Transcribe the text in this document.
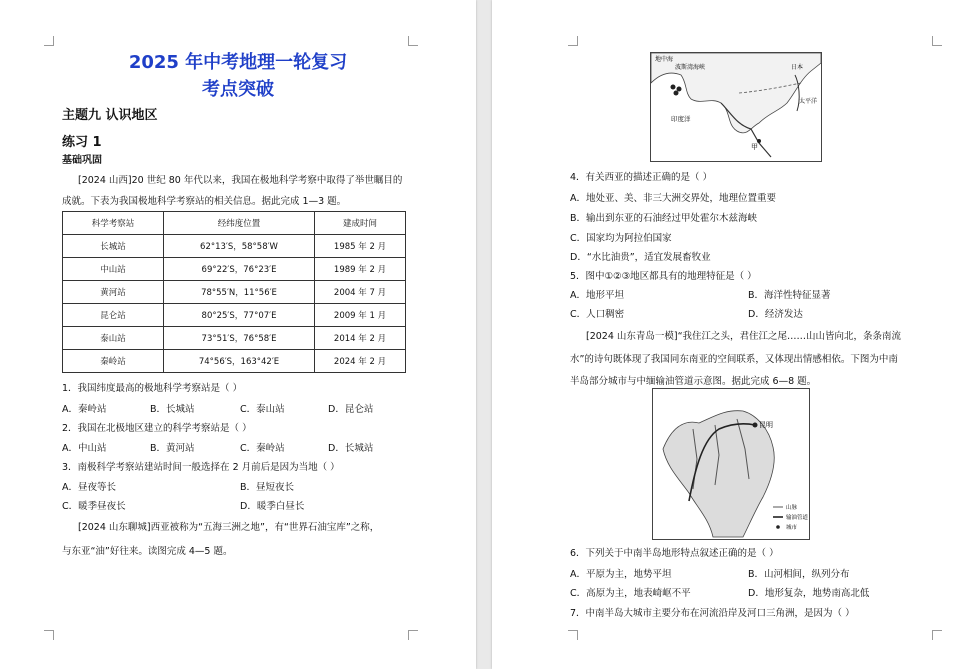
2025 年中考地理一轮复习
考点突破
主题九 认识地区
练习 1
基础巩固
[2024 山西]20 世纪 80 年代以来，我国在极地科学考察中取得了举世瞩目的
成就。下表为我国极地科学考察站的相关信息。据此完成 1—3 题。
科学考察站	经纬度位置	建成时间
长城站	62°13′S，58°58′W	1985 年 2 月
中山站	69°22′S，76°23′E	1989 年 2 月
黄河站	78°55′N，11°56′E	2004 年 7 月
昆仑站	80°25′S，77°07′E	2009 年 1 月
泰山站	73°51′S，76°58′E	2014 年 2 月
秦岭站	74°56′S，163°42′E	2024 年 2 月
1．我国纬度最高的极地科学考察站是（ ）
A．秦岭站	B．长城站	C．泰山站	D．昆仑站
2．我国在北极地区建立的科学考察站是（ ）
A．中山站	B．黄河站	C．秦岭站	D．长城站
3．南极科学考察站建站时间一般选择在 2 月前后是因为当地（ ）
A．昼夜等长	B．昼短夜长
C．暖季昼夜长	D．暖季白昼长
[2024 山东聊城]西亚被称为“五海三洲之地”，有“世界石油宝库”之称，
与东亚“油”好往来。读图完成 4—5 题。
地中海
波斯湾海峡
印度洋
太平洋
日本
甲
4．有关西亚的描述正确的是（ ）
A．地处亚、美、非三大洲交界处，地理位置重要
B．输出到东亚的石油经过甲处霍尔木兹海峡
C．国家均为阿拉伯国家
D．“水比油贵”，适宜发展畜牧业
5．图中①②③地区都具有的地理特征是（ ）
A．地形平坦	B．海洋性特征显著
C．人口稠密	D．经济发达
[2024 山东青岛一模]“我住江之头，君住江之尾……山山皆向北，条条南流
水”的诗句既体现了我国同东南亚的空间联系，又体现出情感相依。下图为中南
半岛部分城市与中缅输油管道示意图。据此完成 6—8 题。
昆明
山脉
输油管道
城市
6．下列关于中南半岛地形特点叙述正确的是（ ）
A．平原为主，地势平坦	B．山河相间，纵列分布
C．高原为主，地表崎岖不平	D．地形复杂，地势南高北低
7．中南半岛大城市主要分布在河流沿岸及河口三角洲，是因为（ ）
